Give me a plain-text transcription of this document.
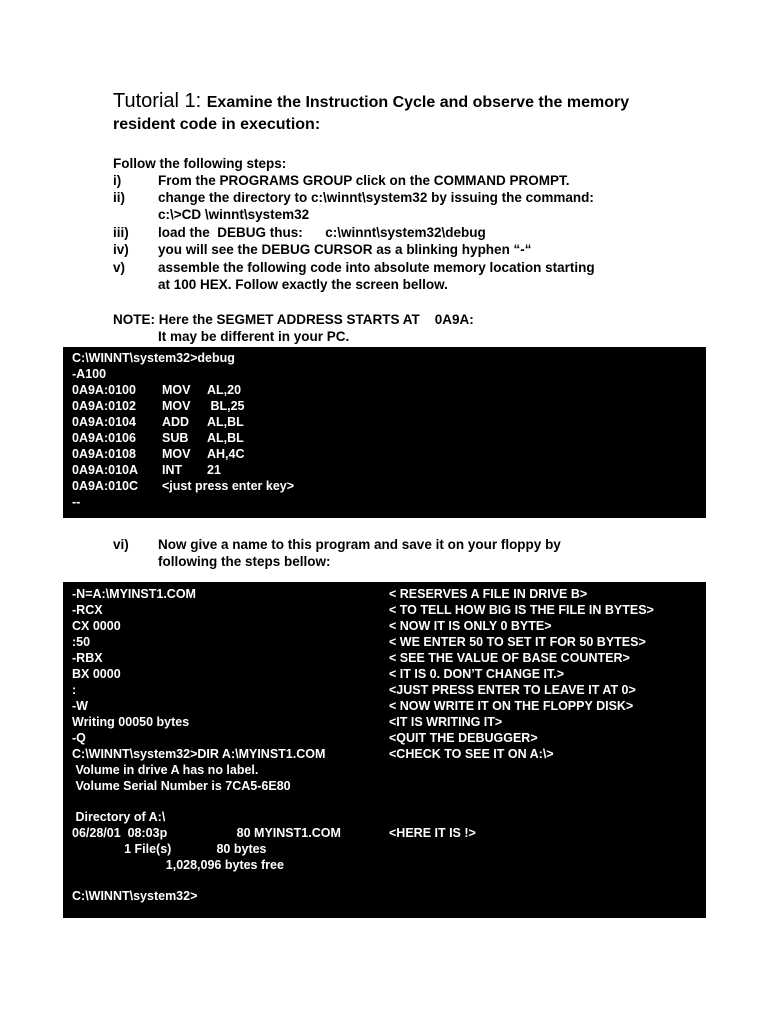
Tutorial 1: Examine the Instruction Cycle and observe the memory resident code in execution:
Follow the following steps:
i)	From the PROGRAMS GROUP click on the COMMAND PROMPT.
ii) change the directory to c:\winnt\system32 by issuing the command:
c:\>CD \winnt\system32
iii) load the  DEBUG thus:      c:\winnt\system32\debug
iv) you will see the DEBUG CURSOR as a blinking hyphen “-“
v) assemble the following code into absolute memory location starting
at 100 HEX. Follow exactly the screen bellow.
NOTE: Here the SEGMET ADDRESS STARTS AT    0A9A:
It may be different in your PC.
C:\WINNT\system32>debug
-A100
0A9A:0100 MOV AL,20
0A9A:0102 MOV BL,25
0A9A:0104 ADD AL,BL
0A9A:0106 SUB AL,BL
0A9A:0108 MOV AH,4C
0A9A:010A INT 21
0A9A:010C <just press enter key>
--
vi) Now give a name to this program and save it on your floppy by
following the steps bellow:
-N=A:\MYINST1.COM	< RESERVES A FILE IN DRIVE B>
-RCX	< TO TELL HOW BIG IS THE FILE IN BYTES>
CX 0000	< NOW IT IS ONLY 0 BYTE>
:50	< WE ENTER 50 TO SET IT FOR 50 BYTES>
-RBX	< SEE THE VALUE OF BASE COUNTER>
BX 0000	< IT IS 0. DON’T CHANGE IT.>
:	<JUST PRESS ENTER TO LEAVE IT AT 0>
-W	< NOW WRITE IT ON THE FLOPPY DISK>
Writing 00050 bytes	<IT IS WRITING IT>
-Q	<QUIT THE DEBUGGER>
C:\WINNT\system32>DIR A:\MYINST1.COM	<CHECK TO SEE IT ON A:\>
Volume in drive A has no label.
Volume Serial Number is 7CA5-6E80
Directory of A:\
06/28/01  08:03p                    80 MYINST1.COM	<HERE IT IS !>
1 File(s)             80 bytes
1,028,096 bytes free
C:\WINNT\system32>
